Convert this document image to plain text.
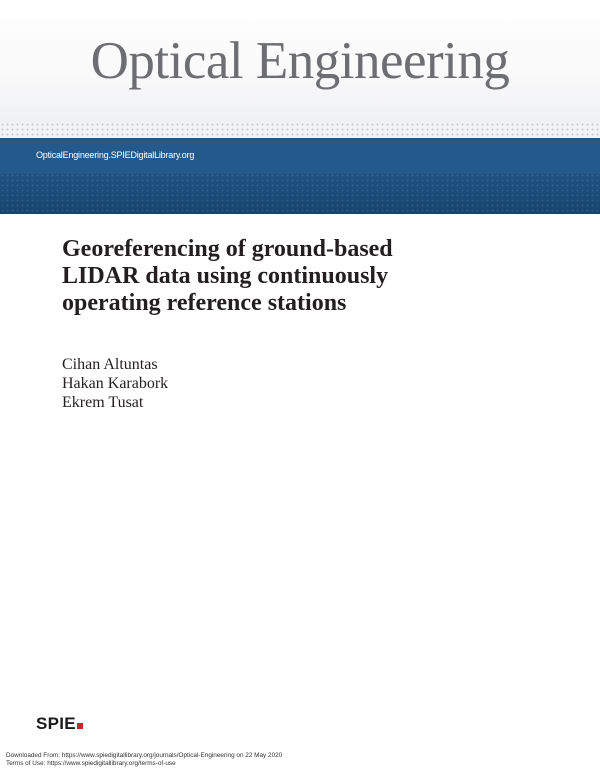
Optical Engineering
OpticalEngineering.SPIEDigitalLibrary.org
Georeferencing of ground-based
LIDAR data using continuously
operating reference stations
Cihan Altuntas
Hakan Karabork
Ekrem Tusat
SPIE
Downloaded From: https://www.spiedigitallibrary.org/journals/Optical-Engineering on 22 May 2020
Terms of Use: https://www.spiedigitallibrary.org/terms-of-use
